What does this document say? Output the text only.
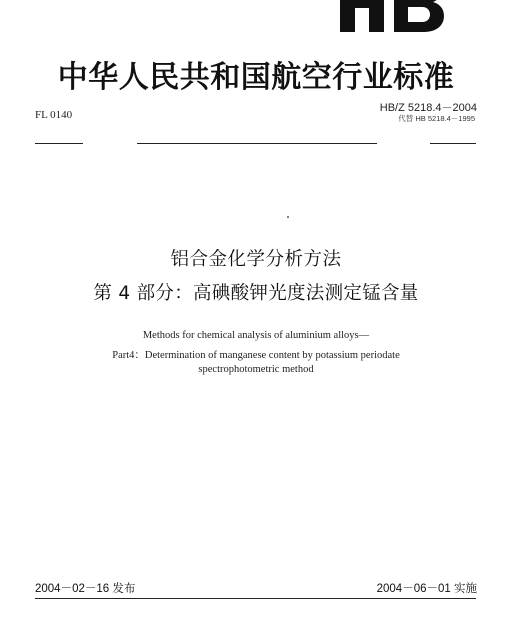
中华人民共和国航空行业标准
FL 0140
HB/Z 5218.4－2004
代替 HB 5218.4－1995
铝合金化学分析方法
第 4 部分：高碘酸钾光度法测定锰含量
Methods for chemical analysis of aluminium alloys—
Part4：Determination of manganese content by potassium periodate
spectrophotometric method
2004－02－16 发布	2004－06－01 实施
